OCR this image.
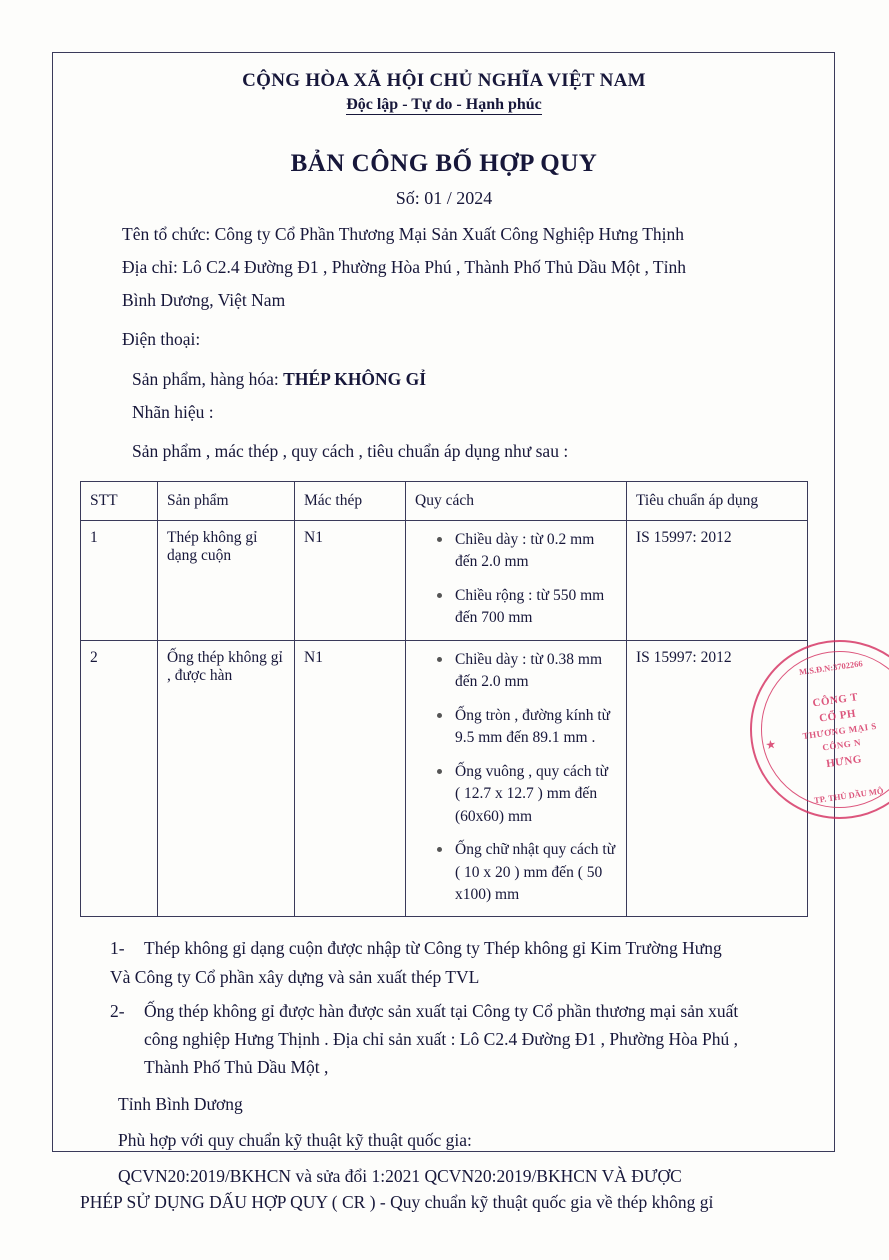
CỘNG HÒA XÃ HỘI CHỦ NGHĨA VIỆT NAM
Độc lập - Tự do - Hạnh phúc
BẢN CÔNG BỐ HỢP QUY
Số: 01 / 2024
Tên tổ chức: Công ty Cổ Phần Thương Mại Sản Xuất Công Nghiệp Hưng Thịnh
Địa chỉ: Lô C2.4 Đường Đ1 , Phường Hòa Phú , Thành Phố Thủ Dầu Một , Tỉnh
Bình Dương, Việt Nam
Điện thoại:
Sản phẩm, hàng hóa: THÉP KHÔNG GỈ
Nhãn hiệu :
Sản phẩm , mác thép , quy cách , tiêu chuẩn áp dụng như sau :
STT	Sản phẩm	Mác thép	Quy cách	Tiêu chuẩn áp dụng
1	Thép không gỉ dạng cuộn	N1	Chiều dày : từ 0.2 mm đến 2.0 mm
Chiều rộng : từ 550 mm đến 700 mm
	IS 15997: 2012
2	Ống thép không gỉ , được hàn	N1	Chiều dày : từ 0.38 mm đến 2.0 mm
Ống tròn , đường kính từ 9.5 mm đến 89.1 mm .
Ống vuông , quy cách từ ( 12.7 x 12.7 ) mm đến (60x60) mm
Ống chữ nhật quy cách từ ( 10 x 20 ) mm đến ( 50 x100) mm
	IS 15997: 2012
1-	Thép không gỉ dạng cuộn được nhập từ Công ty Thép không gỉ Kim Trường Hưng
Và Công ty Cổ phần xây dựng và sản xuất thép TVL
2-	Ống thép không gỉ được hàn được sản xuất tại Công ty Cổ phần thương mại sản xuất
công nghiệp Hưng Thịnh . Địa chỉ sản xuất : Lô C2.4 Đường Đ1 , Phường Hòa Phú ,
Thành Phố Thủ Dầu Một ,
Tỉnh Bình Dương
Phù hợp với quy chuẩn kỹ thuật kỹ thuật quốc gia:
QCVN20:2019/BKHCN và sửa đổi 1:2021 QCVN20:2019/BKHCN VÀ ĐƯỢC
PHÉP SỬ DỤNG DẤU HỢP QUY ( CR ) - Quy chuẩn kỹ thuật quốc gia về thép không gỉ
M.S.Đ.N:3702266
★
CÔNG T
CỔ PH
THƯƠNG MẠI S
CÔNG N
HƯNG
TP. THỦ DẦU MỘ
